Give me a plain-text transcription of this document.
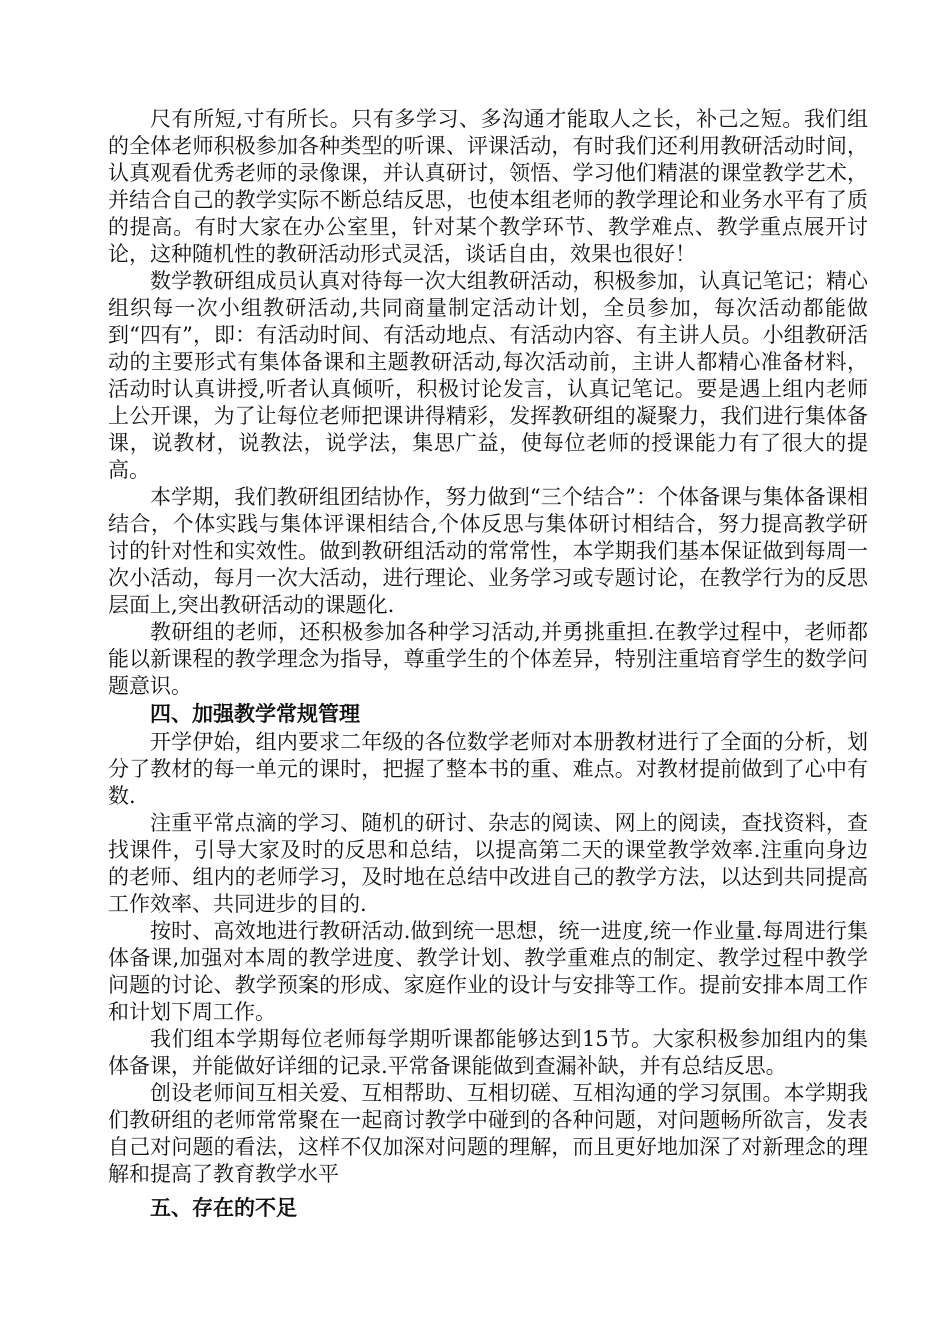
尺有所短,寸有所长。只有多学习、多沟通才能取人之长，补己之短。我们组的全体老师积极参加各种类型的听课、评课活动，有时我们还利用教研活动时间，认真观看优秀老师的录像课，并认真研讨，领悟、学习他们精湛的课堂教学艺术，并结合自己的教学实际不断总结反思，也使本组老师的教学理论和业务水平有了质的提高。有时大家在办公室里，针对某个教学环节、教学难点、教学重点展开讨论，这种随机性的教研活动形式灵活，谈话自由，效果也很好！

数学教研组成员认真对待每一次大组教研活动，积极参加，认真记笔记；精心组织每一次小组教研活动,共同商量制定活动计划，全员参加，每次活动都能做到“四有”，即：有活动时间、有活动地点、有活动内容、有主讲人员。小组教研活动的主要形式有集体备课和主题教研活动,每次活动前，主讲人都精心准备材料，活动时认真讲授,听者认真倾听，积极讨论发言，认真记笔记。要是遇上组内老师上公开课，为了让每位老师把课讲得精彩，发挥教研组的凝聚力，我们进行集体备课，说教材，说教法，说学法，集思广益，使每位老师的授课能力有了很大的提高。

本学期，我们教研组团结协作，努力做到“三个结合”：个体备课与集体备课相结合，个体实践与集体评课相结合,个体反思与集体研讨相结合，努力提高教学研讨的针对性和实效性。做到教研组活动的常常性，本学期我们基本保证做到每周一次小活动，每月一次大活动，进行理论、业务学习或专题讨论，在教学行为的反思层面上,突出教研活动的课题化.

教研组的老师，还积极参加各种学习活动,并勇挑重担.在教学过程中，老师都能以新课程的教学理念为指导，尊重学生的个体差异，特别注重培育学生的数学问题意识。

四、加强教学常规管理

开学伊始，组内要求二年级的各位数学老师对本册教材进行了全面的分析，划分了教材的每一单元的课时，把握了整本书的重、难点。对教材提前做到了心中有数.

注重平常点滴的学习、随机的研讨、杂志的阅读、网上的阅读，查找资料，查找课件，引导大家及时的反思和总结，以提高第二天的课堂教学效率.注重向身边的老师、组内的老师学习，及时地在总结中改进自己的教学方法，以达到共同提高工作效率、共同进步的目的.

按时、高效地进行教研活动.做到统一思想，统一进度,统一作业量.每周进行集体备课,加强对本周的教学进度、教学计划、教学重难点的制定、教学过程中教学问题的讨论、教学预案的形成、家庭作业的设计与安排等工作。提前安排本周工作和计划下周工作。

我们组本学期每位老师每学期听课都能够达到15节。大家积极参加组内的集体备课，并能做好详细的记录.平常备课能做到查漏补缺，并有总结反思。

创设老师间互相关爱、互相帮助、互相切磋、互相沟通的学习氛围。本学期我们教研组的老师常常聚在一起商讨教学中碰到的各种问题，对问题畅所欲言，发表自己对问题的看法，这样不仅加深对问题的理解，而且更好地加深了对新理念的理解和提高了教育教学水平

五、存在的不足
